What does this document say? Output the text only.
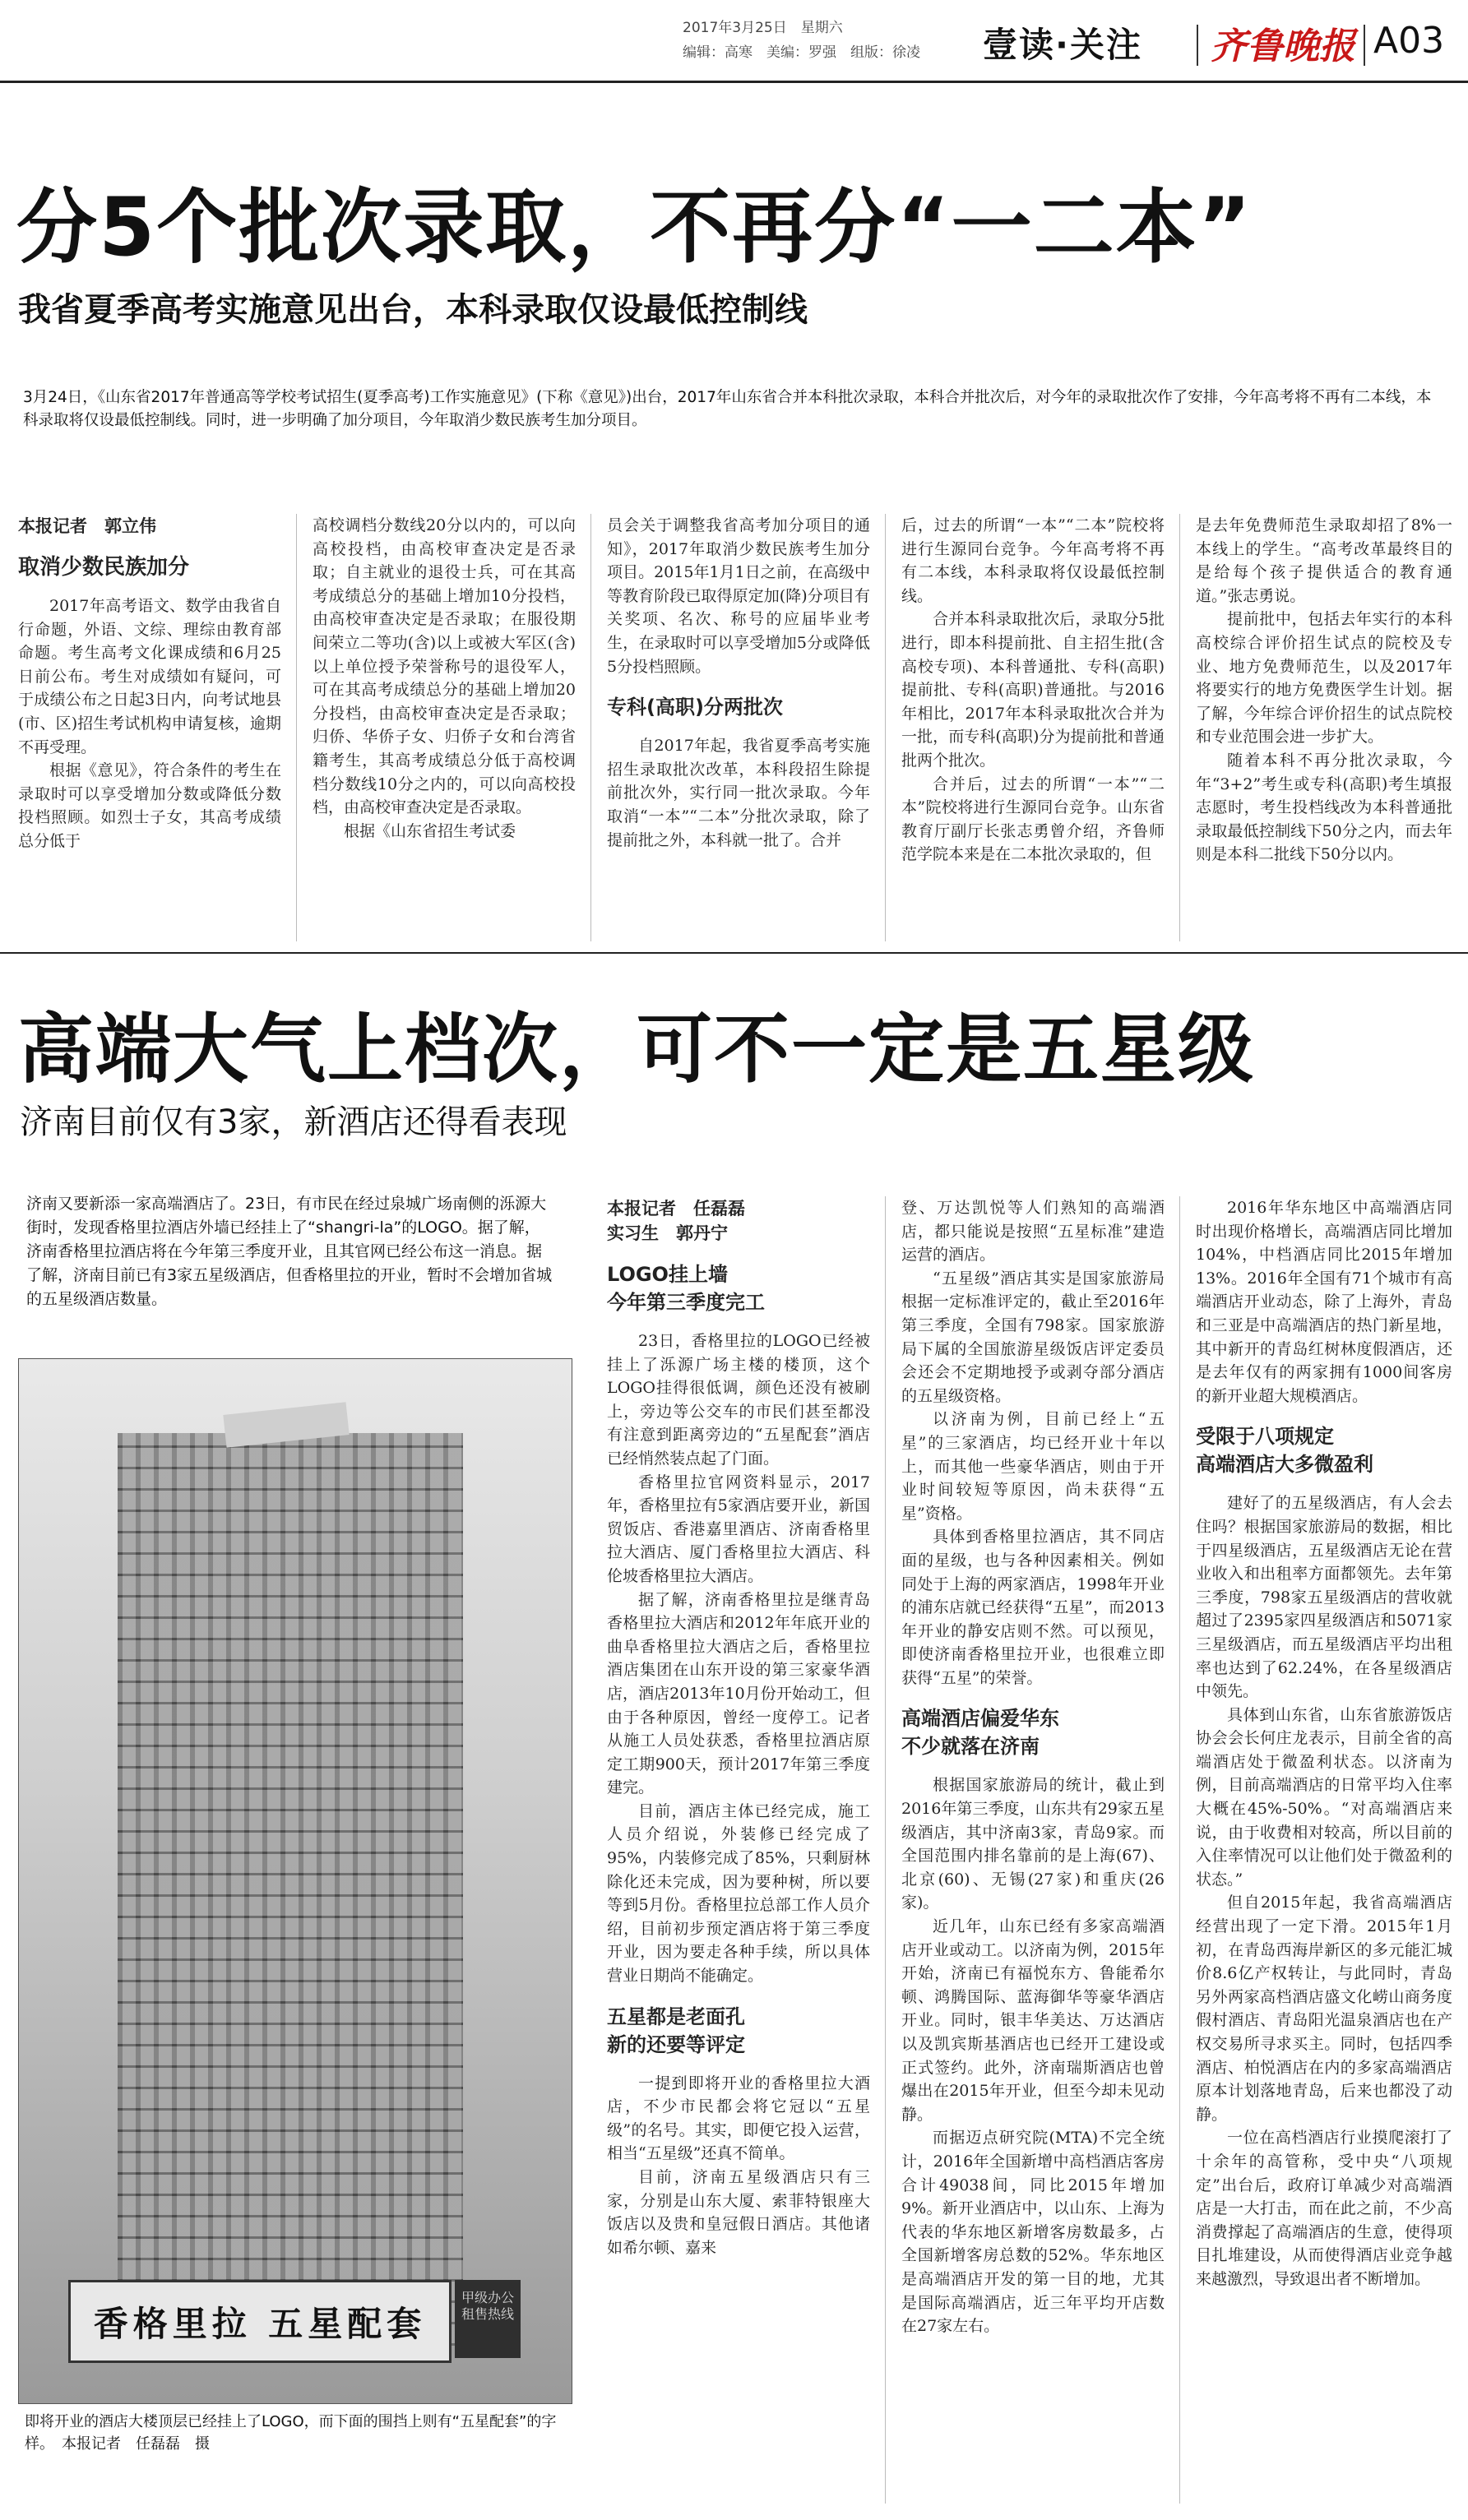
2017年3月25日　星期六
编辑：高寒　美编：罗强　组版：徐凌 壹读·关注 齐鲁晚报 A03
分5个批次录取，不再分“一二本”
我省夏季高考实施意见出台，本科录取仅设最低控制线
3月24日，《山东省2017年普通高等学校考试招生(夏季高考)工作实施意见》(下称《意见》)出台，2017年山东省合并本科批次录取，本科合并批次后，对今年的录取批次作了安排，今年高考将不再有二本线，本科录取将仅设最低控制线。同时，进一步明确了加分项目，今年取消少数民族考生加分项目。
本报记者　郭立伟
取消少数民族加分

2017年高考语文、数学由我省自行命题，外语、文综、理综由教育部命题。考生高考文化课成绩和6月25日前公布。考生对成绩如有疑问，可于成绩公布之日起3日内，向考试地县(市、区)招生考试机构申请复核，逾期不再受理。

根据《意见》，符合条件的考生在录取时可以享受增加分数或降低分数投档照顾。如烈士子女，其高考成绩总分低于

高校调档分数线20分以内的，可以向高校投档，由高校审查决定是否录取；自主就业的退役士兵，可在其高考成绩总分的基础上增加10分投档，由高校审查决定是否录取；在服役期间荣立二等功(含)以上或被大军区(含)以上单位授予荣誉称号的退役军人，可在其高考成绩总分的基础上增加20分投档，由高校审查决定是否录取；归侨、华侨子女、归侨子女和台湾省籍考生，其高考成绩总分低于高校调档分数线10分之内的，可以向高校投档，由高校审查决定是否录取。

根据《山东省招生考试委

员会关于调整我省高考加分项目的通知》，2017年取消少数民族考生加分项目。2015年1月1日之前，在高级中等教育阶段已取得原定加(降)分项目有关奖项、名次、称号的应届毕业考生，在录取时可以享受增加5分或降低5分投档照顾。

专科(高职)分两批次

自2017年起，我省夏季高考实施招生录取批次改革，本科段招生除提前批次外，实行同一批次录取。今年取消“一本”“二本”分批次录取，除了提前批之外，本科就一批了。合并

后，过去的所谓“一本”“二本”院校将进行生源同台竞争。今年高考将不再有二本线，本科录取将仅设最低控制线。

合并本科录取批次后，录取分5批进行，即本科提前批、自主招生批(含高校专项)、本科普通批、专科(高职)提前批、专科(高职)普通批。与2016年相比，2017年本科录取批次合并为一批，而专科(高职)分为提前批和普通批两个批次。

合并后，过去的所谓“一本”“二本”院校将进行生源同台竞争。山东省教育厅副厅长张志勇曾介绍，齐鲁师范学院本来是在二本批次录取的，但

是去年免费师范生录取却招了8%一本线上的学生。“高考改革最终目的是给每个孩子提供适合的教育通道。”张志勇说。

提前批中，包括去年实行的本科高校综合评价招生试点的院校及专业、地方免费师范生，以及2017年将要实行的地方免费医学生计划。据了解，今年综合评价招生的试点院校和专业范围会进一步扩大。

随着本科不再分批次录取，今年“3+2”考生或专科(高职)考生填报志愿时，考生投档线改为本科普通批录取最低控制线下50分之内，而去年则是本科二批线下50分以内。

高端大气上档次，可不一定是五星级
济南目前仅有3家，新酒店还得看表现
济南又要新添一家高端酒店了。23日，有市民在经过泉城广场南侧的泺源大街时，发现香格里拉酒店外墙已经挂上了“shangri-la”的LOGO。据了解，济南香格里拉酒店将在今年第三季度开业，且其官网已经公布这一消息。据了解，济南目前已有3家五星级酒店，但香格里拉的开业，暂时不会增加省城的五星级酒店数量。
香格里拉 五星配套
甲级办公 租售热线
即将开业的酒店大楼顶层已经挂上了LOGO，而下面的围挡上则有“五星配套”的字样。　本报记者　任磊磊　摄
本报记者　任磊磊
实习生　郭丹宁
LOGO挂上墙
今年第三季度完工

23日，香格里拉的LOGO已经被挂上了泺源广场主楼的楼顶，这个LOGO挂得很低调，颜色还没有被刷上，旁边等公交车的市民们甚至都没有注意到距离旁边的“五星配套”酒店已经悄然装点起了门面。

香格里拉官网资料显示，2017年，香格里拉有5家酒店要开业，新国贸饭店、香港嘉里酒店、济南香格里拉大酒店、厦门香格里拉大酒店、科伦坡香格里拉大酒店。

据了解，济南香格里拉是继青岛香格里拉大酒店和2012年年底开业的曲阜香格里拉大酒店之后，香格里拉酒店集团在山东开设的第三家豪华酒店，酒店2013年10月份开始动工，但由于各种原因，曾经一度停工。记者从施工人员处获悉，香格里拉酒店原定工期900天，预计2017年第三季度建完。

目前，酒店主体已经完成，施工人员介绍说，外装修已经完成了95%，内装修完成了85%，只剩厨林除化还未完成，因为要种树，所以要等到5月份。香格里拉总部工作人员介绍，目前初步预定酒店将于第三季度开业，因为要走各种手续，所以具体营业日期尚不能确定。

五星都是老面孔
新的还要等评定

一提到即将开业的香格里拉大酒店，不少市民都会将它冠以“五星级”的名号。其实，即便它投入运营，相当“五星级”还真不简单。

目前，济南五星级酒店只有三家，分别是山东大厦、索菲特银座大饭店以及贵和皇冠假日酒店。其他诸如希尔顿、嘉来

登、万达凯悦等人们熟知的高端酒店，都只能说是按照“五星标准”建造运营的酒店。

“五星级”酒店其实是国家旅游局根据一定标准评定的，截止至2016年第三季度，全国有798家。国家旅游局下属的全国旅游星级饭店评定委员会还会不定期地授予或剥夺部分酒店的五星级资格。

以济南为例，目前已经上“五星”的三家酒店，均已经开业十年以上，而其他一些豪华酒店，则由于开业时间较短等原因，尚未获得“五星”资格。

具体到香格里拉酒店，其不同店面的星级，也与各种因素相关。例如同处于上海的两家酒店，1998年开业的浦东店就已经获得“五星”，而2013年开业的静安店则不然。可以预见，即使济南香格里拉开业，也很难立即获得“五星”的荣誉。

高端酒店偏爱华东
不少就落在济南

根据国家旅游局的统计，截止到2016年第三季度，山东共有29家五星级酒店，其中济南3家，青岛9家。而全国范围内排名靠前的是上海(67)、北京(60)、无锡(27家)和重庆(26家)。

近几年，山东已经有多家高端酒店开业或动工。以济南为例，2015年开始，济南已有福悦东方、鲁能希尔顿、鸿腾国际、蓝海御华等豪华酒店开业。同时，银丰华美达、万达酒店以及凯宾斯基酒店也已经开工建设或正式签约。此外，济南瑞斯酒店也曾爆出在2015年开业，但至今却未见动静。

而据迈点研究院(MTA)不完全统计，2016年全国新增中高档酒店客房合计49038间，同比2015年增加9%。新开业酒店中，以山东、上海为代表的华东地区新增客房数最多，占全国新增客房总数的52%。华东地区是高端酒店开发的第一目的地，尤其是国际高端酒店，近三年平均开店数在27家左右。

2016年华东地区中高端酒店同时出现价格增长，高端酒店同比增加104%，中档酒店同比2015年增加13%。2016年全国有71个城市有高端酒店开业动态，除了上海外，青岛和三亚是中高端酒店的热门新星地，其中新开的青岛红树林度假酒店，还是去年仅有的两家拥有1000间客房的新开业超大规模酒店。

受限于八项规定
高端酒店大多微盈利

建好了的五星级酒店，有人会去住吗？根据国家旅游局的数据，相比于四星级酒店，五星级酒店无论在营业收入和出租率方面都领先。去年第三季度，798家五星级酒店的营收就超过了2395家四星级酒店和5071家三星级酒店，而五星级酒店平均出租率也达到了62.24%，在各星级酒店中领先。

具体到山东省，山东省旅游饭店协会会长何庄龙表示，目前全省的高端酒店处于微盈利状态。以济南为例，目前高端酒店的日常平均入住率大概在45%-50%。“对高端酒店来说，由于收费相对较高，所以目前的入住率情况可以让他们处于微盈利的状态。”

但自2015年起，我省高端酒店经营出现了一定下滑。2015年1月初，在青岛西海岸新区的多元能汇城价8.6亿产权转让，与此同时，青岛另外两家高档酒店盛文化崂山商务度假村酒店、青岛阳光温泉酒店也在产权交易所寻求买主。同时，包括四季酒店、柏悦酒店在内的多家高端酒店原本计划落地青岛，后来也都没了动静。

一位在高档酒店行业摸爬滚打了十余年的高管称，受中央“八项规定”出台后，政府订单减少对高端酒店是一大打击，而在此之前，不少高消费撑起了高端酒店的生意，使得项目扎堆建设，从而使得酒店业竞争越来越激烈，导致退出者不断增加。
